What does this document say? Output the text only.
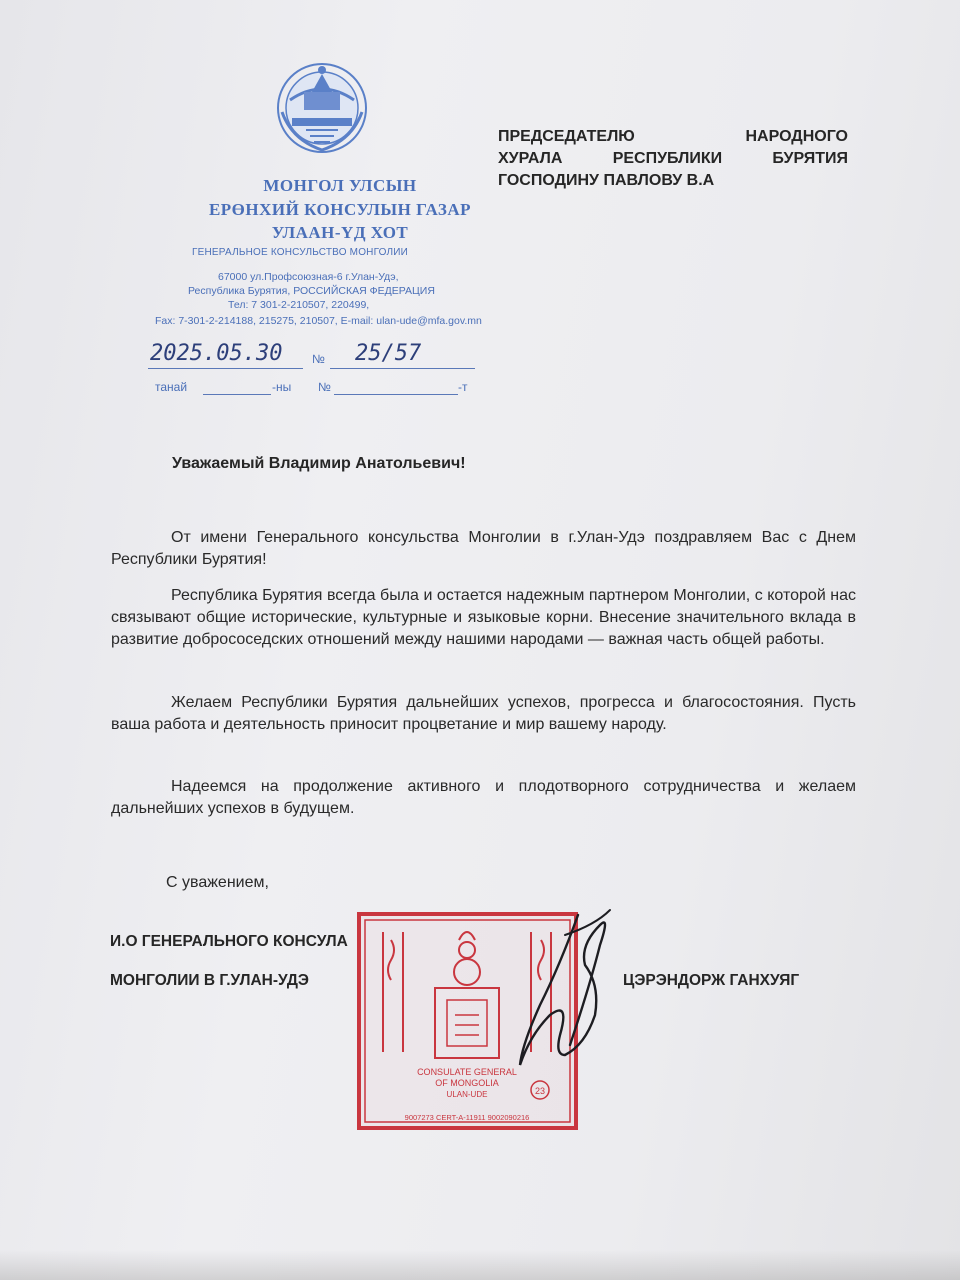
МОНГОЛ УЛСЫН
ЕРӨНХИЙ КОНСУЛЫН ГАЗАР
УЛААН-ҮД ХОТ
ГЕНЕРАЛЬНОЕ КОНСУЛЬСТВО МОНГОЛИИ
67000 ул.Профсоюзная-6 г.Улан-Удэ,
Республика Бурятия, РОССИЙСКАЯ ФЕДЕРАЦИЯ
Тел: 7 301-2-210507, 220499,
Fax: 7-301-2-214188, 215275, 210507, E-mail: ulan-ude@mfa.gov.mn
2025.05.30 № 25/57
танай	-ны №	-т
ПРЕДСЕДАТЕЛЮ НАРОДНОГО
ХУРАЛА РЕСПУБЛИКИ БУРЯТИЯ
ГОСПОДИНУ ПАВЛОВУ В.А
Уважаемый Владимир Анатольевич!

От имени Генерального консульства Монголии в г.Улан-Удэ поздравляем Вас с Днем Республики Бурятия!

Республика Бурятия всегда была и остается надежным партнером Монголии, с которой нас связывают общие исторические, культурные и языковые корни. Внесение значительного вклада в развитие добрососедских отношений между нашими народами — важная часть общей работы.

Желаем Республики Бурятия дальнейших успехов, прогресса и благосостояния. Пусть ваша работа и деятельность приносит процветание и мир вашему народу.

Надеемся на продолжение активного и плодотворного сотрудничества и желаем дальнейших успехов в будущем.

С уважением,
И.О ГЕНЕРАЛЬНОГО КОНСУЛА
МОНГОЛИИ В Г.УЛАН-УДЭ	ЦЭРЭНДОРЖ ГАНХУЯГ
CONSULATE GENERAL
OF MONGOLIA
ULAN-UDE	23
9007273 CERT-A-11911 9002090216
